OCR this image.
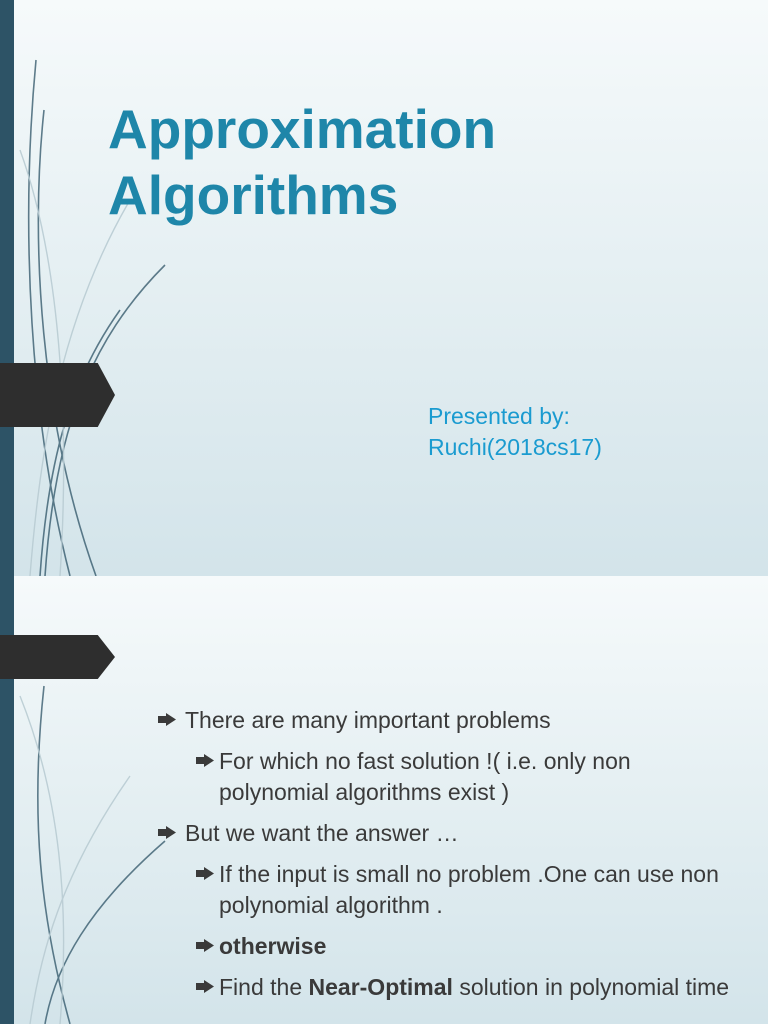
Approximation
Algorithms
Presented by:
Ruchi(2018cs17)
There are many important problems
For which no fast solution !( i.e. only non polynomial algorithms exist )
But we want the answer …
If the input is small no problem .One can use non polynomial algorithm .
otherwise
Find the Near-Optimal solution in polynomial time
